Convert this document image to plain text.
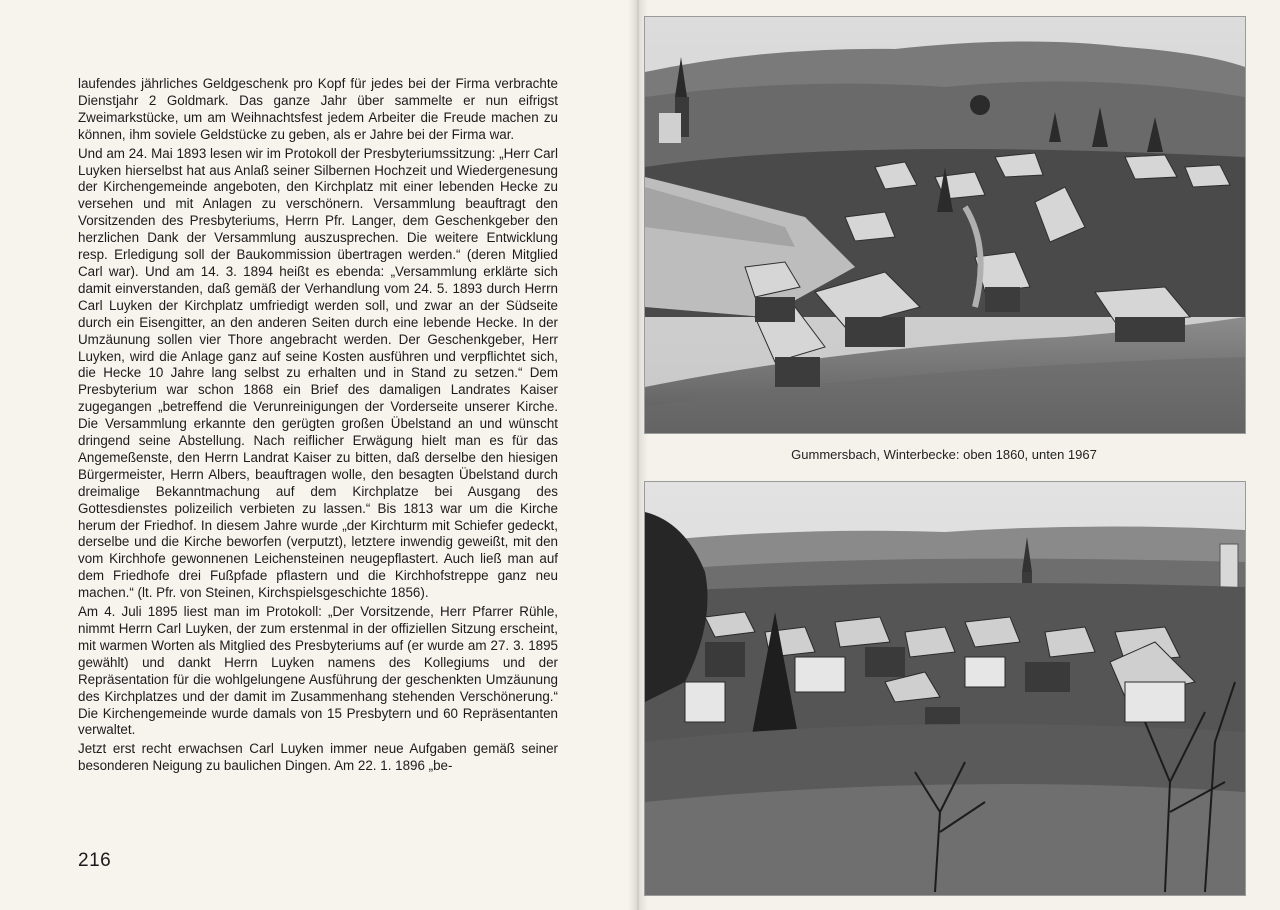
laufendes jährliches Geldgeschenk pro Kopf für jedes bei der Firma verbrachte Dienstjahr 2 Goldmark. Das ganze Jahr über sammelte er nun eifrigst Zweimarkstücke, um am Weihnachtsfest jedem Arbeiter die Freude machen zu können, ihm soviele Geldstücke zu geben, als er Jahre bei der Firma war.

Und am 24. Mai 1893 lesen wir im Protokoll der Presbyteriumssitzung: „Herr Carl Luyken hierselbst hat aus Anlaß seiner Silbernen Hochzeit und Wiedergenesung der Kirchengemeinde angeboten, den Kirchplatz mit einer lebenden Hecke zu versehen und mit Anlagen zu verschönern. Versammlung beauftragt den Vorsitzenden des Presbyteriums, Herrn Pfr. Langer, dem Geschenkgeber den herzlichen Dank der Versammlung auszusprechen. Die weitere Entwicklung resp. Erledigung soll der Baukommission übertragen werden.“ (deren Mitglied Carl war). Und am 14. 3. 1894 heißt es ebenda: „Versammlung erklärte sich damit einverstanden, daß gemäß der Verhandlung vom 24. 5. 1893 durch Herrn Carl Luyken der Kirchplatz umfriedigt werden soll, und zwar an der Südseite durch ein Eisengitter, an den anderen Seiten durch eine lebende Hecke. In der Umzäunung sollen vier Thore angebracht werden. Der Geschenkgeber, Herr Luyken, wird die Anlage ganz auf seine Kosten ausführen und verpflichtet sich, die Hecke 10 Jahre lang selbst zu erhalten und in Stand zu setzen.“ Dem Presbyterium war schon 1868 ein Brief des damaligen Landrates Kaiser zugegangen „betreffend die Verunreinigungen der Vorderseite unserer Kirche. Die Versammlung erkannte den gerügten großen Übelstand an und wünscht dringend seine Abstellung. Nach reiflicher Erwägung hielt man es für das Angemeßenste, den Herrn Landrat Kaiser zu bitten, daß derselbe den hiesigen Bürgermeister, Herrn Albers, beauftragen wolle, den besagten Übelstand durch dreimalige Bekanntmachung auf dem Kirchplatze bei Ausgang des Gottesdienstes polizeilich verbieten zu lassen.“ Bis 1813 war um die Kirche herum der Friedhof. In diesem Jahre wurde „der Kirchturm mit Schiefer gedeckt, derselbe und die Kirche beworfen (verputzt), letztere inwendig geweißt, mit den vom Kirchhofe gewonnenen Leichensteinen neugepflastert. Auch ließ man auf dem Friedhofe drei Fußpfade pflastern und die Kirchhofstreppe ganz neu machen.“ (lt. Pfr. von Steinen, Kirchspielsgeschichte 1856).

Am 4. Juli 1895 liest man im Protokoll: „Der Vorsitzende, Herr Pfarrer Rühle, nimmt Herrn Carl Luyken, der zum erstenmal in der offiziellen Sitzung erscheint, mit warmen Worten als Mitglied des Presbyteriums auf (er wurde am 27. 3. 1895 gewählt) und dankt Herrn Luyken namens des Kollegiums und der Repräsentation für die wohlgelungene Ausführung der geschenkten Umzäunung des Kirchplatzes und der damit im Zusammenhang stehenden Verschönerung.“ Die Kirchengemeinde wurde damals von 15 Presbytern und 60 Repräsentanten verwaltet.

Jetzt erst recht erwachsen Carl Luyken immer neue Aufgaben gemäß seiner besonderen Neigung zu baulichen Dingen. Am 22. 1. 1896 „be-

216
Gummersbach, Winterbecke: oben 1860, unten 1967
